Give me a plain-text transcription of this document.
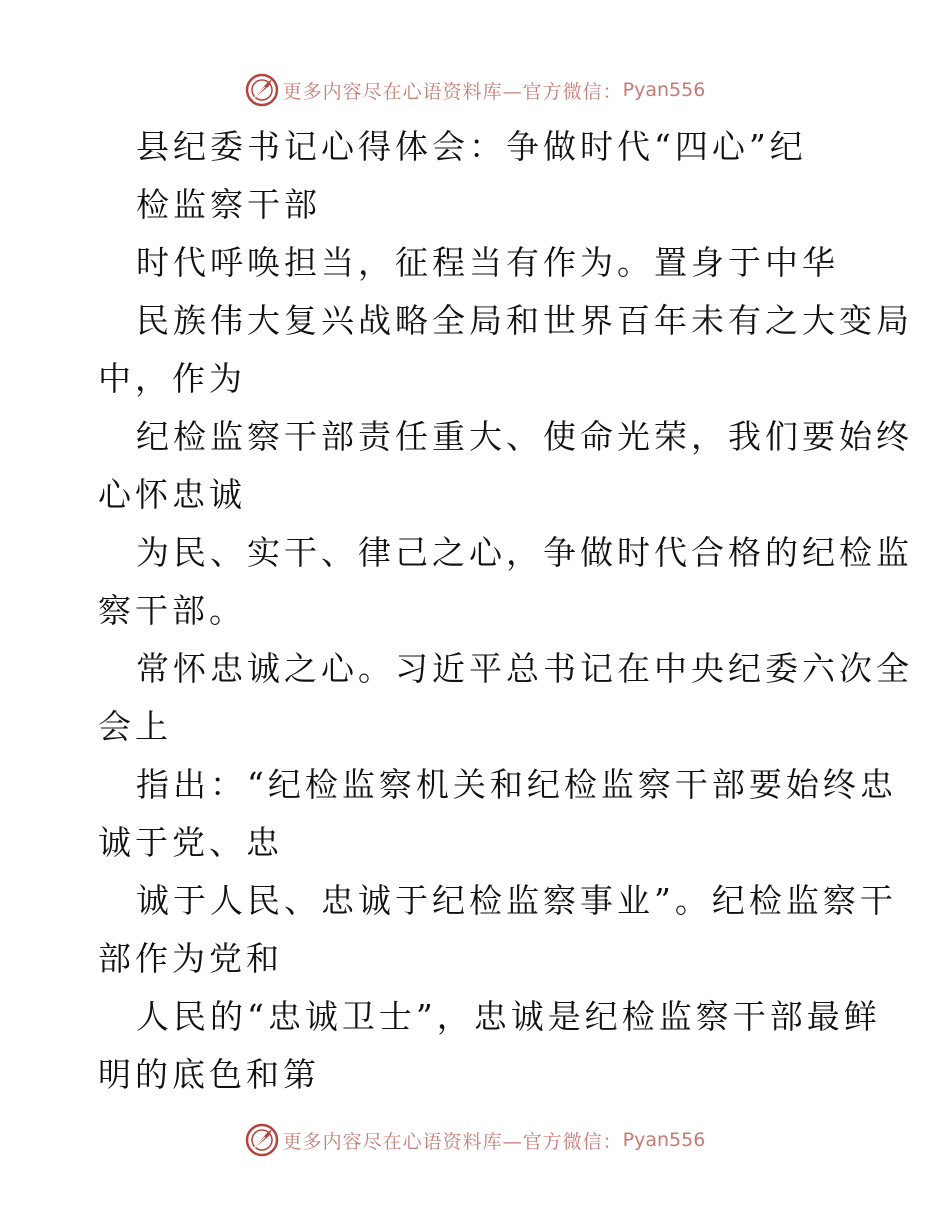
更多内容尽在心语资料库—官方微信： Pyan556
县纪委书记心得体会：争做时代“四心”纪
检监察干部
时代呼唤担当，征程当有作为。置身于中华
民族伟大复兴战略全局和世界百年未有之大变局
中，作为
纪检监察干部责任重大、使命光荣，我们要始终
心怀忠诚
为民、实干、律己之心，争做时代合格的纪检监
察干部。
常怀忠诚之心。习近平总书记在中央纪委六次全
会上
指出：“纪检监察机关和纪检监察干部要始终忠
诚于党、忠
诚于人民、忠诚于纪检监察事业”。纪检监察干
部作为党和
人民的“忠诚卫士”，忠诚是纪检监察干部最鲜
明的底色和第
更多内容尽在心语资料库—官方微信： Pyan556
